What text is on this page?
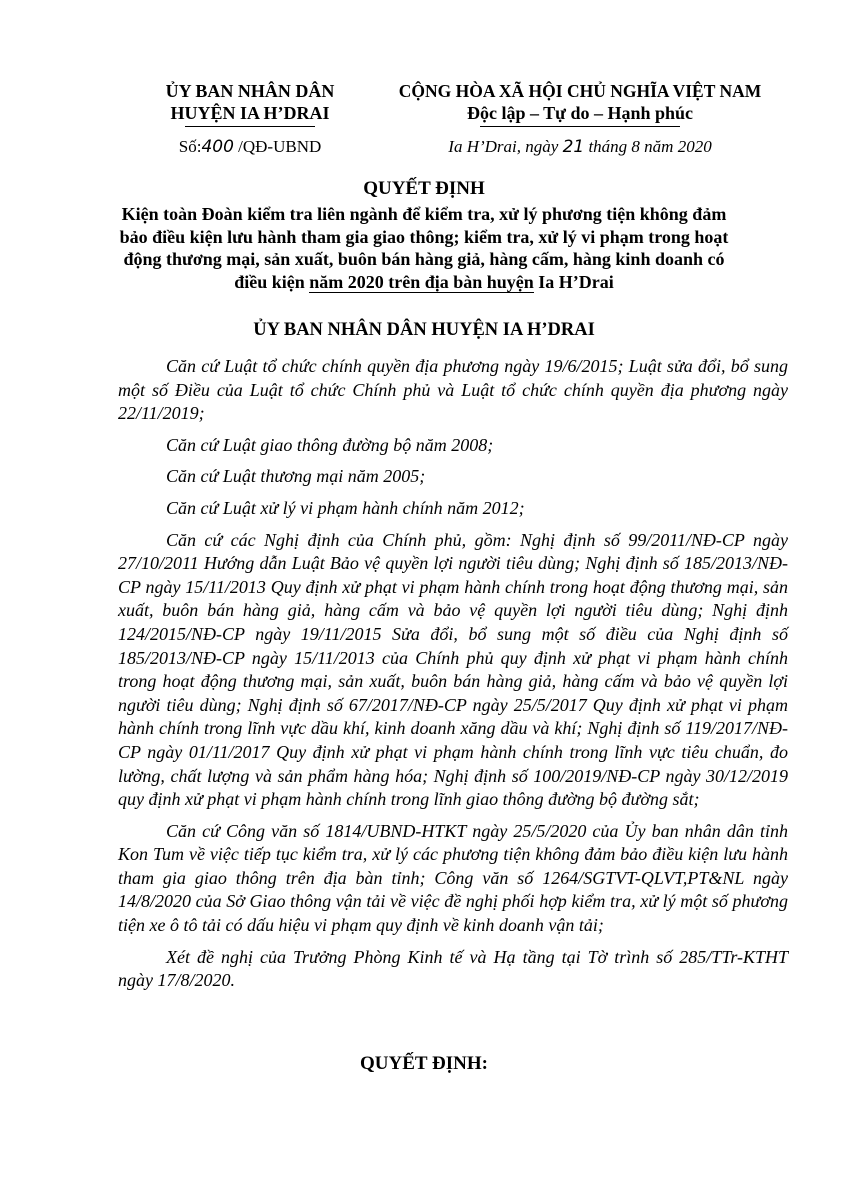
ỦY BAN NHÂN DÂN
HUYỆN IA H’DRAI
CỘNG HÒA XÃ HỘI CHỦ NGHĨA VIỆT NAM
Độc lập – Tự do – Hạnh phúc
Số:400 /QĐ-UBND	Ia H’Drai, ngày 21 tháng 8 năm 2020
QUYẾT ĐỊNH
Kiện toàn Đoàn kiểm tra liên ngành để kiểm tra, xử lý phương tiện không đảm
bảo điều kiện lưu hành tham gia giao thông; kiểm tra, xử lý vi phạm trong hoạt
động thương mại, sản xuất, buôn bán hàng giả, hàng cấm, hàng kinh doanh có
điều kiện năm 2020 trên địa bàn huyện Ia H’Drai
ỦY BAN NHÂN DÂN HUYỆN IA H’DRAI

Căn cứ Luật tổ chức chính quyền địa phương ngày 19/6/2015; Luật sửa đổi, bổ sung một số Điều của Luật tổ chức Chính phủ và Luật tổ chức chính quyền địa phương ngày 22/11/2019;

Căn cứ Luật giao thông đường bộ năm 2008;

Căn cứ Luật thương mại năm 2005;

Căn cứ Luật xử lý vi phạm hành chính năm 2012;

Căn cứ các Nghị định của Chính phủ, gồm: Nghị định số 99/2011/NĐ-CP ngày 27/10/2011 Hướng dẫn Luật Bảo vệ quyền lợi người tiêu dùng; Nghị định số 185/2013/NĐ-CP ngày 15/11/2013 Quy định xử phạt vi phạm hành chính trong hoạt động thương mại, sản xuất, buôn bán hàng giả, hàng cấm và bảo vệ quyền lợi người tiêu dùng; Nghị định 124/2015/NĐ-CP ngày 19/11/2015 Sửa đổi, bổ sung một số điều của Nghị định số 185/2013/NĐ-CP ngày 15/11/2013 của Chính phủ quy định xử phạt vi phạm hành chính trong hoạt động thương mại, sản xuất, buôn bán hàng giả, hàng cấm và bảo vệ quyền lợi người tiêu dùng; Nghị định số 67/2017/NĐ-CP ngày 25/5/2017 Quy định xử phạt vi phạm hành chính trong lĩnh vực dầu khí, kinh doanh xăng dầu và khí; Nghị định số 119/2017/NĐ-CP ngày 01/11/2017 Quy định xử phạt vi phạm hành chính trong lĩnh vực tiêu chuẩn, đo lường, chất lượng và sản phẩm hàng hóa; Nghị định số 100/2019/NĐ-CP ngày 30/12/2019 quy định xử phạt vi phạm hành chính trong lĩnh giao thông đường bộ đường sắt;

Căn cứ Công văn số 1814/UBND-HTKT ngày 25/5/2020 của Ủy ban nhân dân tỉnh Kon Tum về việc tiếp tục kiểm tra, xử lý các phương tiện không đảm bảo điều kiện lưu hành tham gia giao thông trên địa bàn tỉnh; Công văn số 1264/SGTVT-QLVT,PT&NL ngày 14/8/2020 của Sở Giao thông vận tải về việc đề nghị phối hợp kiểm tra, xử lý một số phương tiện xe ô tô tải có dấu hiệu vi phạm quy định về kinh doanh vận tải;

Xét đề nghị của Trưởng Phòng Kinh tế và Hạ tầng tại Tờ trình số 285/TTr-KTHT ngày 17/8/2020.

QUYẾT ĐỊNH:
